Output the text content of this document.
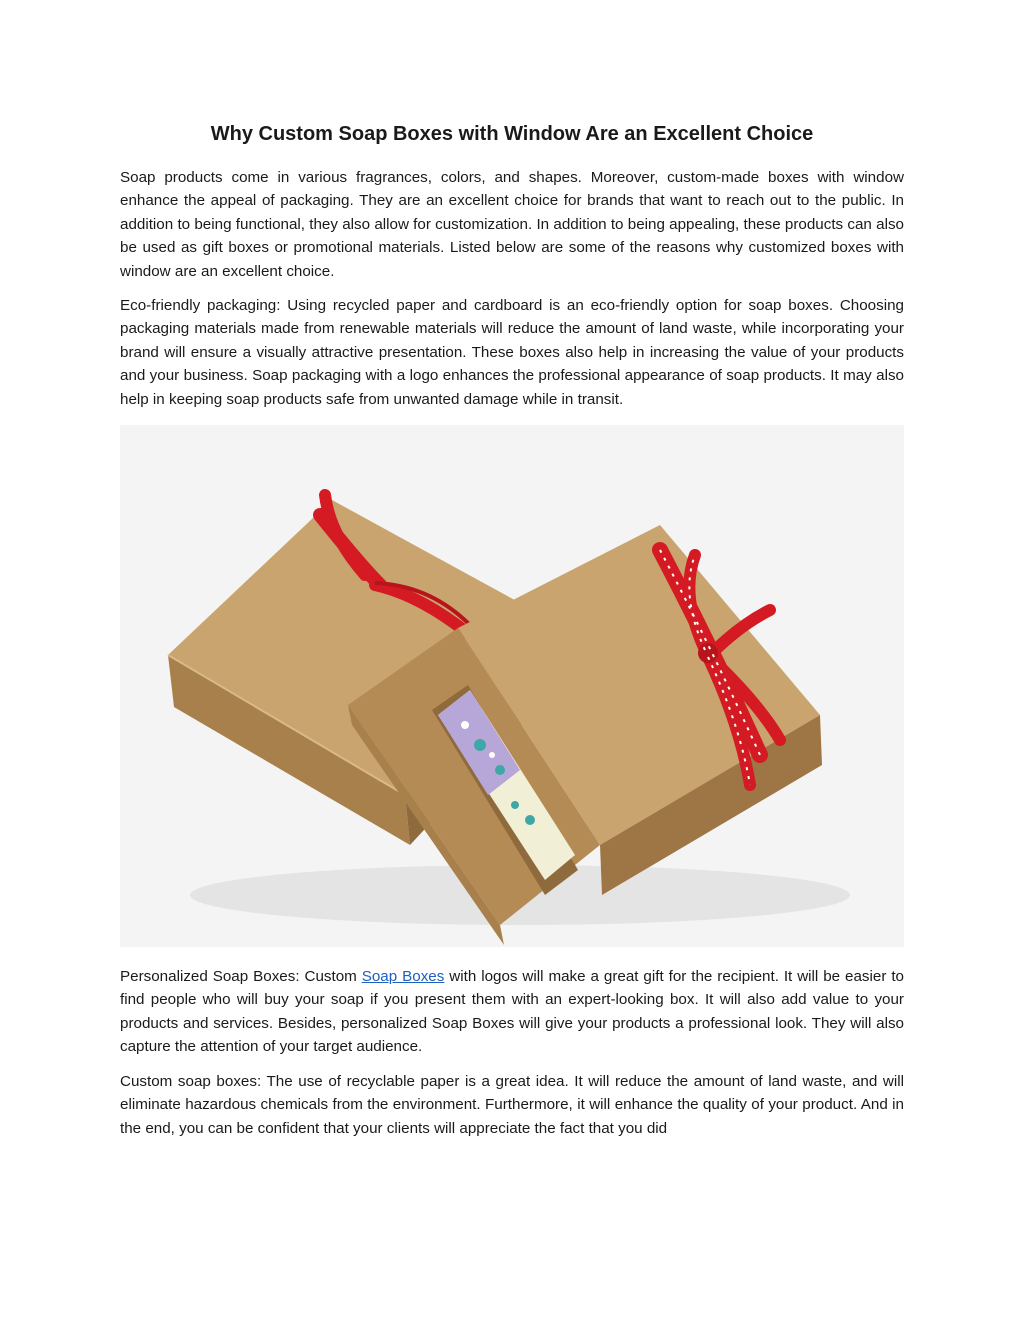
Why Custom Soap Boxes with Window Are an Excellent Choice

Soap products come in various fragrances, colors, and shapes. Moreover, custom-made boxes with window enhance the appeal of packaging. They are an excellent choice for brands that want to reach out to the public. In addition to being functional, they also allow for customization. In addition to being appealing, these products can also be used as gift boxes or promotional materials. Listed below are some of the reasons why customized boxes with window are an excellent choice.

Eco-friendly packaging: Using recycled paper and cardboard is an eco-friendly option for soap boxes. Choosing packaging materials made from renewable materials will reduce the amount of land waste, while incorporating your brand will ensure a visually attractive presentation. These boxes also help in increasing the value of your products and your business. Soap packaging with a logo enhances the professional appearance of soap products. It may also help in keeping soap products safe from unwanted damage while in transit.

Personalized Soap Boxes: Custom Soap Boxes with logos will make a great gift for the recipient. It will be easier to find people who will buy your soap if you present them with an expert-looking box. It will also add value to your products and services. Besides, personalized Soap Boxes will give your products a professional look. They will also capture the attention of your target audience.

Custom soap boxes: The use of recyclable paper is a great idea. It will reduce the amount of land waste, and will eliminate hazardous chemicals from the environment. Furthermore, it will enhance the quality of your product. And in the end, you can be confident that your clients will appreciate the fact that you did
